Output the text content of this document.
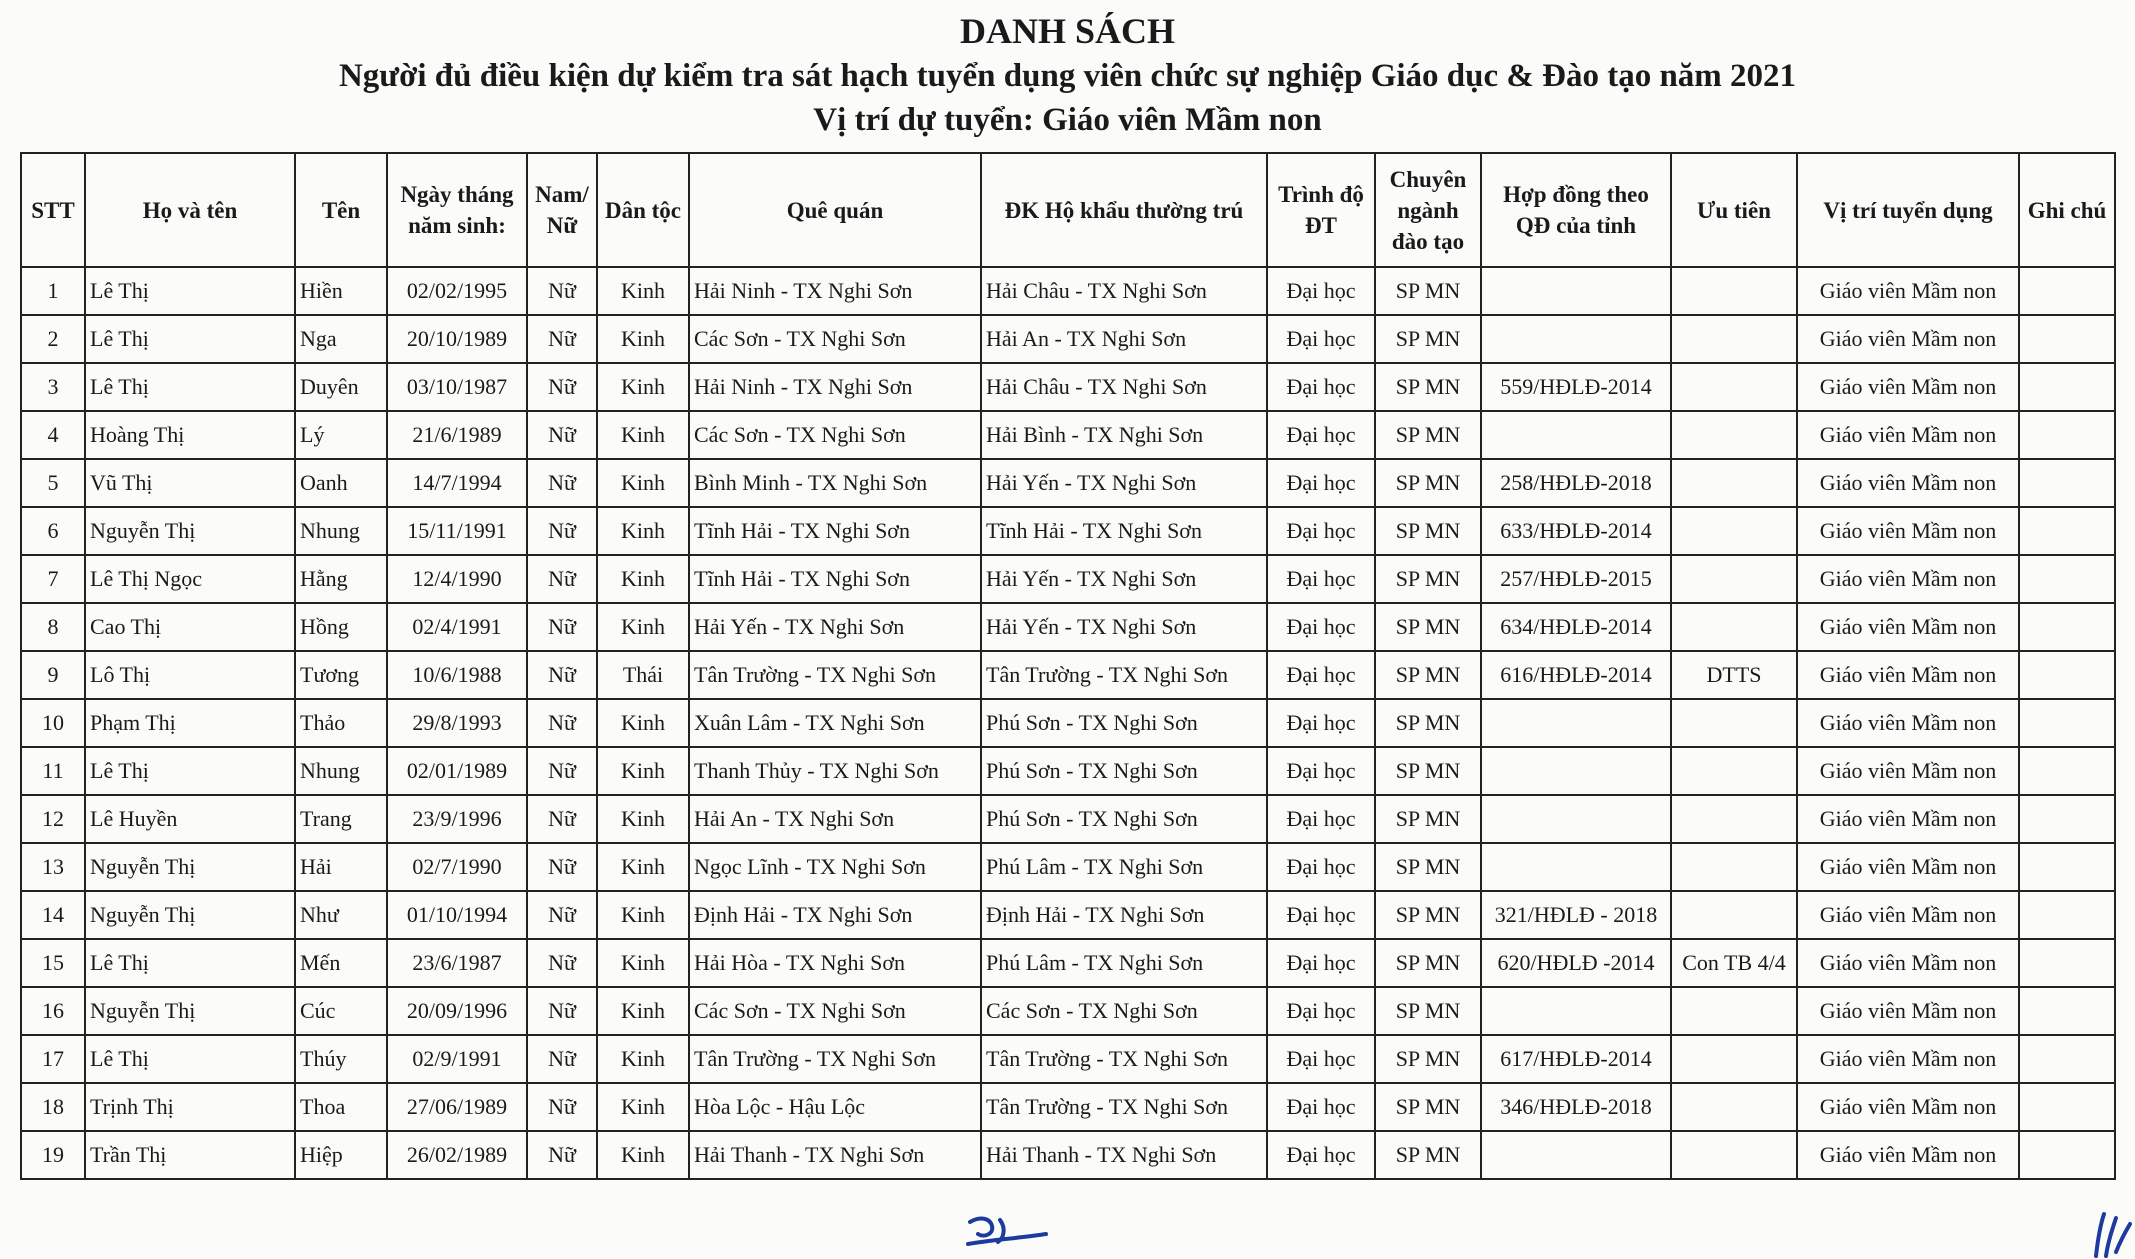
DANH SÁCH
Người đủ điều kiện dự kiểm tra sát hạch tuyển dụng viên chức sự nghiệp Giáo dục & Đào tạo năm 2021
Vị trí dự tuyển: Giáo viên Mầm non
STT	Họ và tên	Tên	Ngày tháng năm sinh:	Nam/ Nữ	Dân tộc	Quê quán	ĐK Hộ khẩu thường trú	Trình độ ĐT	Chuyên ngành đào tạo	Hợp đồng theo QĐ của tỉnh	Ưu tiên	Vị trí tuyển dụng	Ghi chú
1	Lê Thị	Hiền	02/02/1995	Nữ	Kinh	Hải Ninh - TX Nghi Sơn	Hải Châu - TX Nghi Sơn	Đại học	SP MN			Giáo viên Mầm non	
2	Lê Thị	Nga	20/10/1989	Nữ	Kinh	Các Sơn - TX Nghi Sơn	Hải An - TX Nghi Sơn	Đại học	SP MN			Giáo viên Mầm non	
3	Lê Thị	Duyên	03/10/1987	Nữ	Kinh	Hải Ninh - TX Nghi Sơn	Hải Châu - TX Nghi Sơn	Đại học	SP MN	559/HĐLĐ-2014		Giáo viên Mầm non	
4	Hoàng Thị	Lý	21/6/1989	Nữ	Kinh	Các Sơn - TX Nghi Sơn	Hải Bình - TX Nghi Sơn	Đại học	SP MN			Giáo viên Mầm non	
5	Vũ Thị	Oanh	14/7/1994	Nữ	Kinh	Bình Minh - TX Nghi Sơn	Hải Yến - TX Nghi Sơn	Đại học	SP MN	258/HĐLĐ-2018		Giáo viên Mầm non	
6	Nguyễn Thị	Nhung	15/11/1991	Nữ	Kinh	Tĩnh Hải - TX Nghi Sơn	Tĩnh Hải - TX Nghi Sơn	Đại học	SP MN	633/HĐLĐ-2014		Giáo viên Mầm non	
7	Lê Thị Ngọc	Hằng	12/4/1990	Nữ	Kinh	Tĩnh Hải - TX Nghi Sơn	Hải Yến - TX Nghi Sơn	Đại học	SP MN	257/HĐLĐ-2015		Giáo viên Mầm non	
8	Cao Thị	Hồng	02/4/1991	Nữ	Kinh	Hải Yến - TX Nghi Sơn	Hải Yến - TX Nghi Sơn	Đại học	SP MN	634/HĐLĐ-2014		Giáo viên Mầm non	
9	Lô Thị	Tương	10/6/1988	Nữ	Thái	Tân Trường - TX Nghi Sơn	Tân Trường - TX Nghi Sơn	Đại học	SP MN	616/HĐLĐ-2014	DTTS	Giáo viên Mầm non	
10	Phạm Thị	Thảo	29/8/1993	Nữ	Kinh	Xuân Lâm - TX Nghi Sơn	Phú Sơn - TX Nghi Sơn	Đại học	SP MN			Giáo viên Mầm non	
11	Lê Thị	Nhung	02/01/1989	Nữ	Kinh	Thanh Thủy - TX Nghi Sơn	Phú Sơn - TX Nghi Sơn	Đại học	SP MN			Giáo viên Mầm non	
12	Lê Huyền	Trang	23/9/1996	Nữ	Kinh	Hải An - TX Nghi Sơn	Phú Sơn - TX Nghi Sơn	Đại học	SP MN			Giáo viên Mầm non	
13	Nguyễn Thị	Hải	02/7/1990	Nữ	Kinh	Ngọc Lĩnh - TX Nghi Sơn	Phú Lâm - TX Nghi Sơn	Đại học	SP MN			Giáo viên Mầm non	
14	Nguyễn Thị	Như	01/10/1994	Nữ	Kinh	Định Hải - TX Nghi Sơn	Định Hải - TX Nghi Sơn	Đại học	SP MN	321/HĐLĐ - 2018		Giáo viên Mầm non	
15	Lê Thị	Mến	23/6/1987	Nữ	Kinh	Hải Hòa - TX Nghi Sơn	Phú Lâm - TX Nghi Sơn	Đại học	SP MN	620/HĐLĐ -2014	Con TB 4/4	Giáo viên Mầm non	
16	Nguyễn Thị	Cúc	20/09/1996	Nữ	Kinh	Các Sơn - TX Nghi Sơn	Các Sơn - TX Nghi Sơn	Đại học	SP MN			Giáo viên Mầm non	
17	Lê Thị	Thúy	02/9/1991	Nữ	Kinh	Tân Trường - TX Nghi Sơn	Tân Trường - TX Nghi Sơn	Đại học	SP MN	617/HĐLĐ-2014		Giáo viên Mầm non	
18	Trịnh Thị	Thoa	27/06/1989	Nữ	Kinh	Hòa Lộc - Hậu Lộc	Tân Trường - TX Nghi Sơn	Đại học	SP MN	346/HĐLĐ-2018		Giáo viên Mầm non	
19	Trần Thị	Hiệp	26/02/1989	Nữ	Kinh	Hải Thanh - TX Nghi Sơn	Hải Thanh - TX Nghi Sơn	Đại học	SP MN			Giáo viên Mầm non	
